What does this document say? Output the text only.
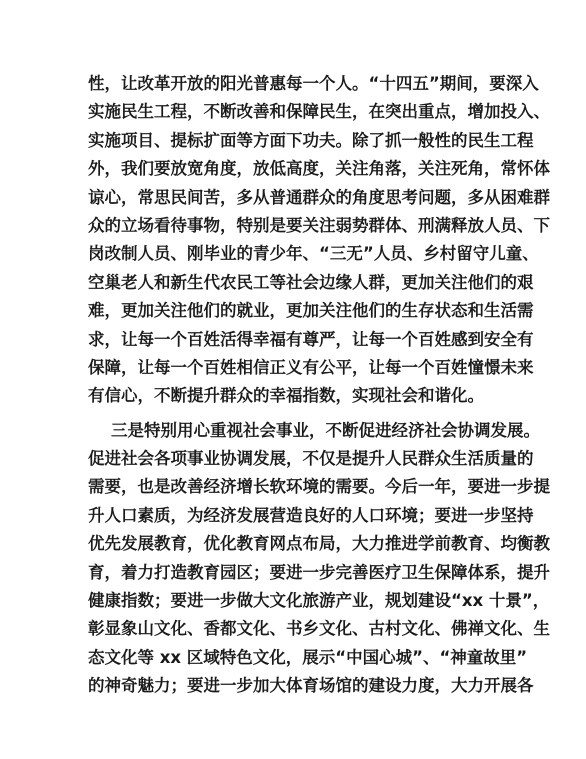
性，让改革开放的阳光普惠每一个人。“十四五”期间，要深入
实施民生工程，不断改善和保障民生，在突出重点，增加投入、
实施项目、提标扩面等方面下功夫。除了抓一般性的民生工程
外，我们要放宽角度，放低高度，关注角落，关注死角，常怀体
谅心，常思民间苦，多从普通群众的角度思考问题，多从困难群
众的立场看待事物，特别是要关注弱势群体、刑满释放人员、下
岗改制人员、刚毕业的青少年、“三无”人员、乡村留守儿童、
空巢老人和新生代农民工等社会边缘人群，更加关注他们的艰
难，更加关注他们的就业，更加关注他们的生存状态和生活需
求，让每一个百姓活得幸福有尊严，让每一个百姓感到安全有
保障，让每一个百姓相信正义有公平，让每一个百姓憧憬未来
有信心，不断提升群众的幸福指数，实现社会和谐化。
三是特别用心重视社会事业，不断促进经济社会协调发展。
促进社会各项事业协调发展，不仅是提升人民群众生活质量的
需要，也是改善经济增长软环境的需要。今后一年，要进一步提
升人口素质，为经济发展营造良好的人口环境；要进一步坚持
优先发展教育，优化教育网点布局，大力推进学前教育、均衡教
育，着力打造教育园区；要进一步完善医疗卫生保障体系，提升
健康指数；要进一步做大文化旅游产业，规划建设“xx 十景”，
彰显象山文化、香都文化、书乡文化、古村文化、佛禅文化、生
态文化等 xx 区域特色文化，展示“中国心城”、“神童故里”
的神奇魅力；要进一步加大体育场馆的建设力度，大力开展各
